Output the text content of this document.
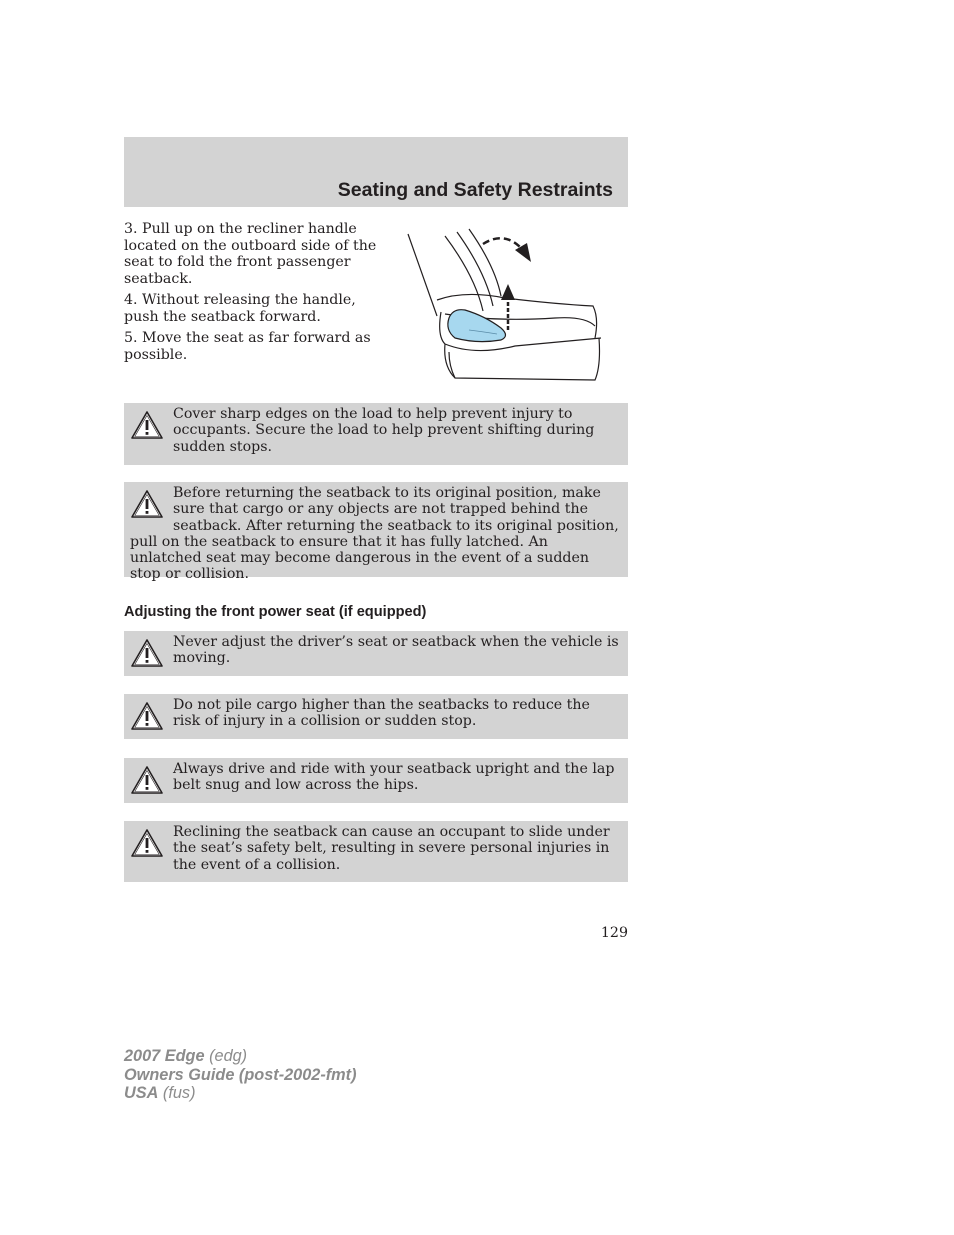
Seating and Safety Restraints

3. Pull up on the recliner handle located on the outboard side of the seat to fold the front passenger seatback.

4. Without releasing the handle, push the seatback forward.

5. Move the seat as far forward as possible.

Cover sharp edges on the load to help prevent injury to occupants. Secure the load to help prevent shifting during sudden stops.
Before returning the seatback to its original position, make sure that cargo or any objects are not trapped behind the seatback. After returning the seatback to its original position, pull on the seatback to ensure that it has fully latched. An unlatched seat may become dangerous in the event of a sudden stop or collision.
Adjusting the front power seat (if equipped)
Never adjust the driver’s seat or seatback when the vehicle is moving.
Do not pile cargo higher than the seatbacks to reduce the risk of injury in a collision or sudden stop.
Always drive and ride with your seatback upright and the lap belt snug and low across the hips.
Reclining the seatback can cause an occupant to slide under the seat’s safety belt, resulting in severe personal injuries in the event of a collision.
129
2007 Edge (edg)
Owners Guide (post-2002-fmt)
USA (fus)
